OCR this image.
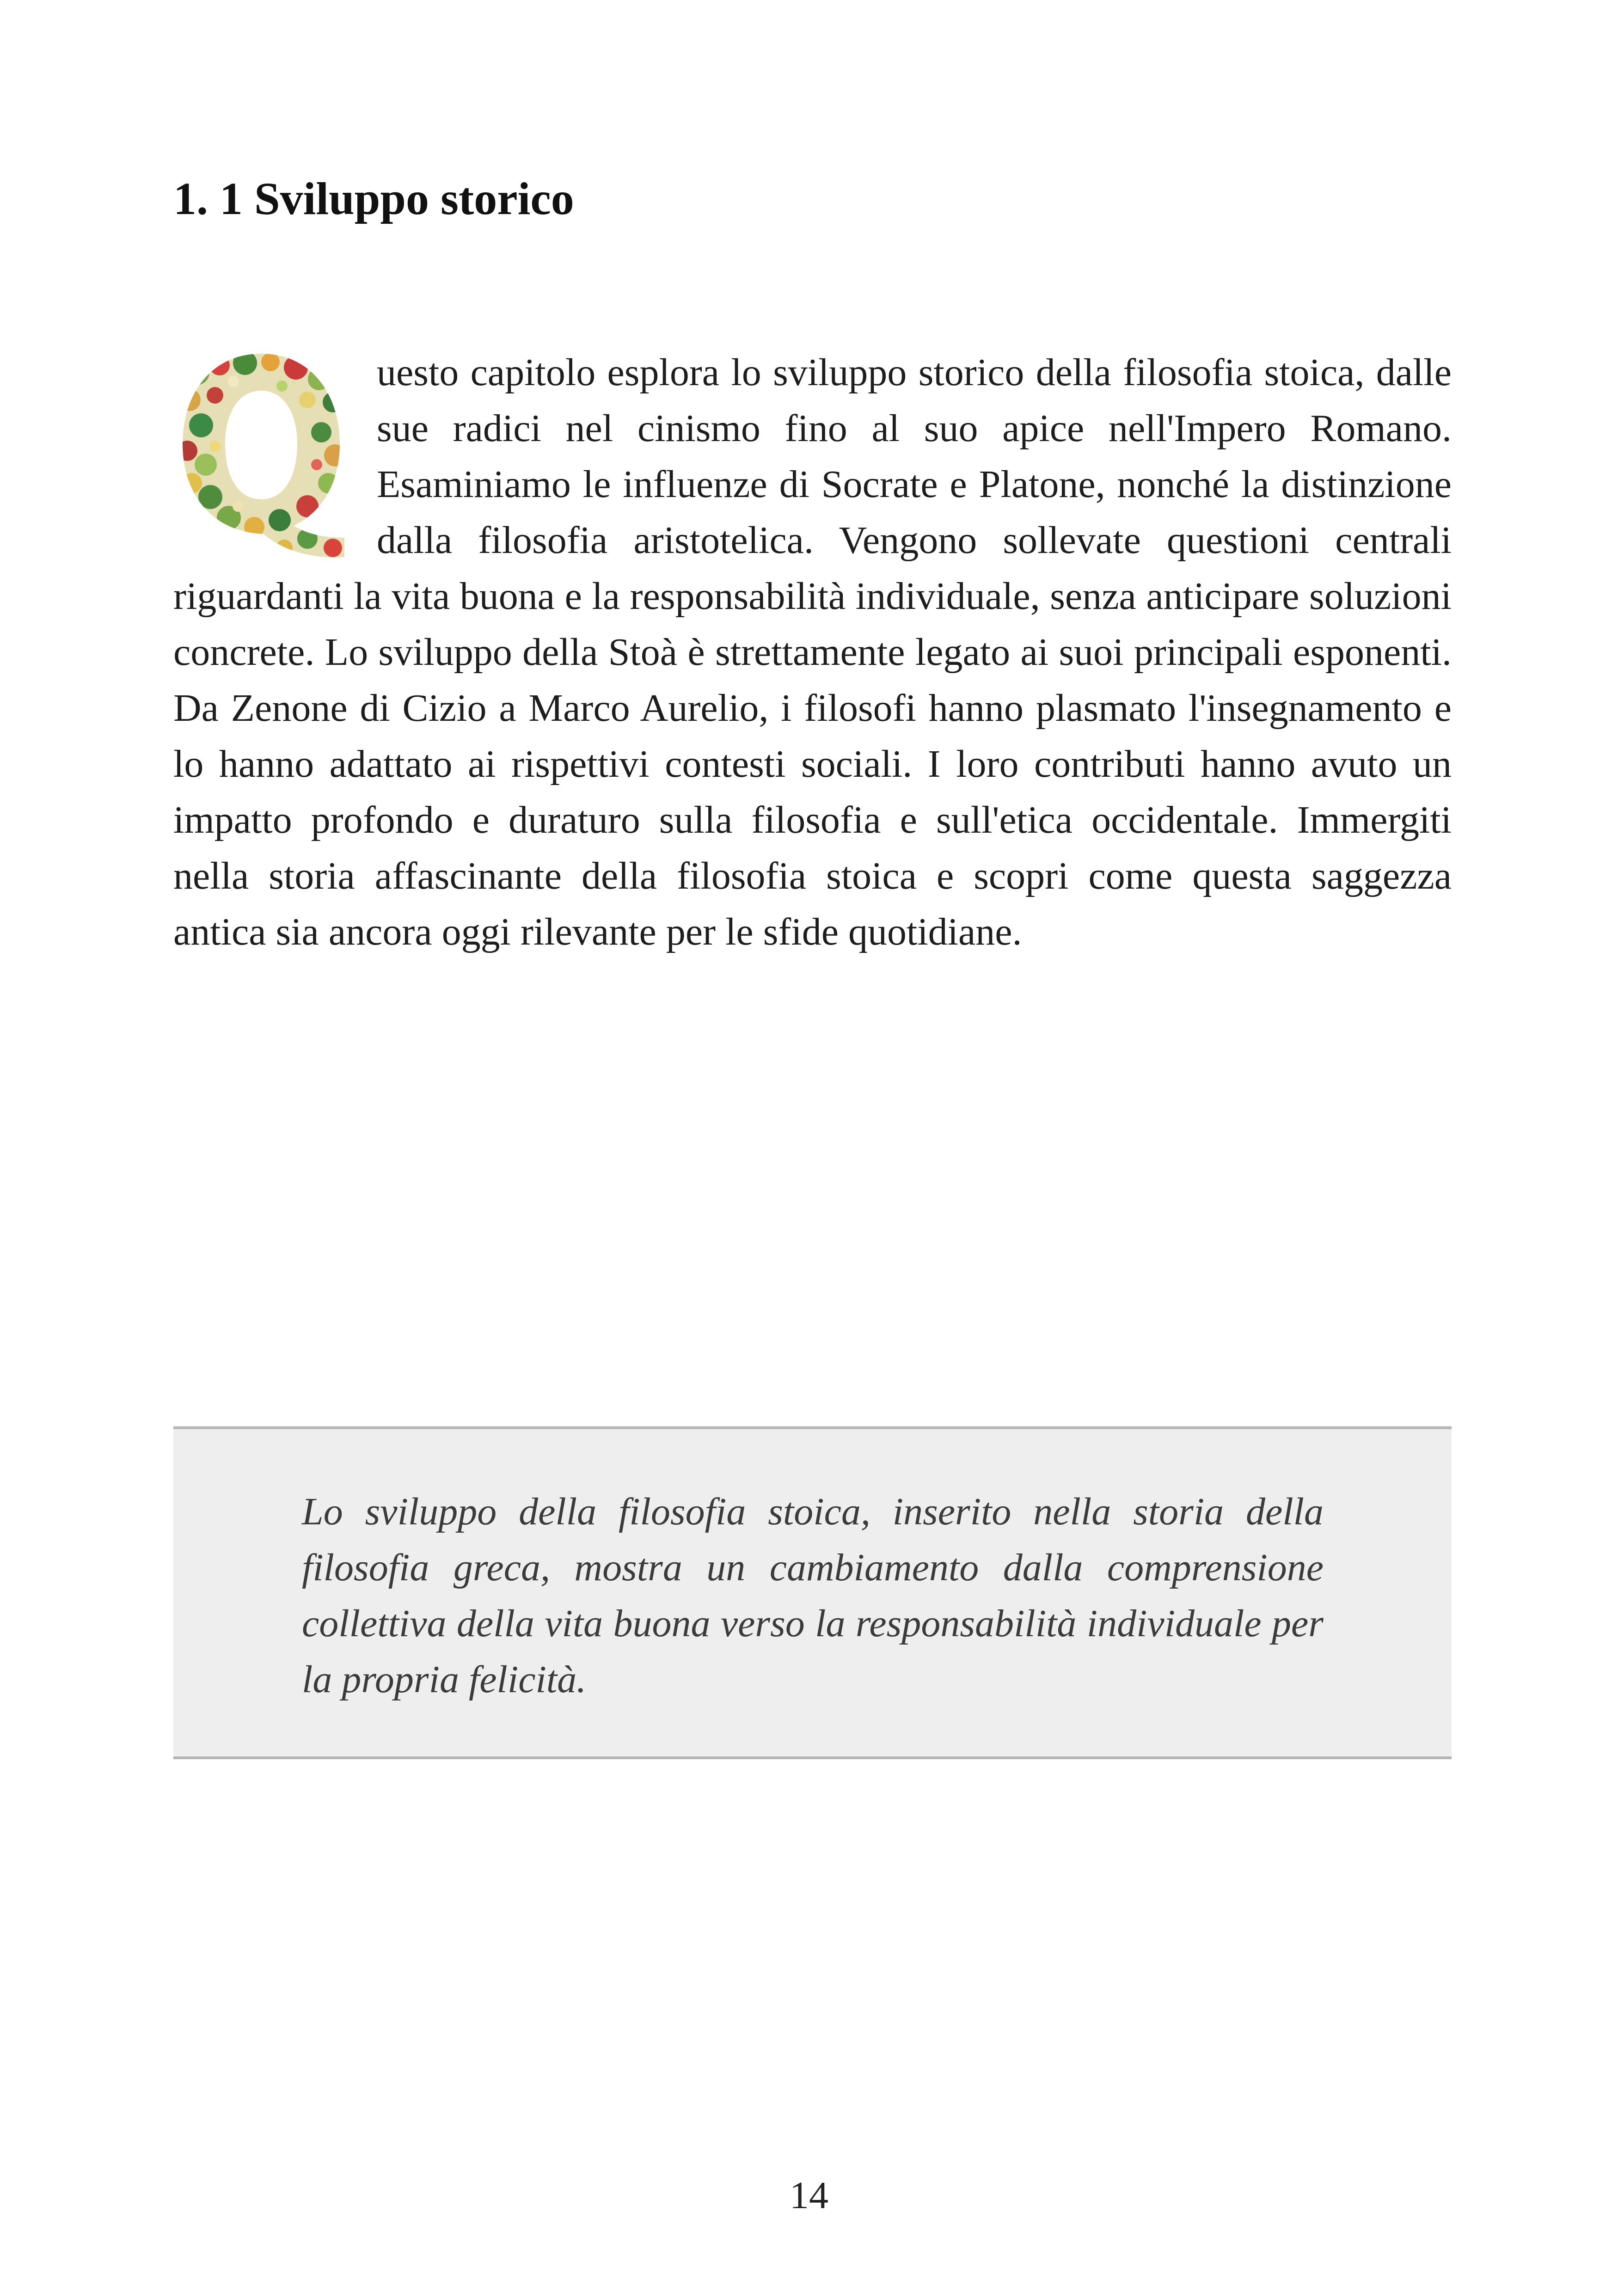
1. 1 Sviluppo storico

uesto capitolo esplora lo sviluppo storico della filosofia stoica, dalle sue radici nel cinismo fino al suo apice nell'Impero Romano. Esaminiamo le influenze di Socrate e Platone, nonché la distinzione dalla filosofia aristotelica. Vengono sollevate questioni centrali riguardanti la vita buona e la responsabilità individuale, senza anticipare soluzioni concrete. Lo sviluppo della Stoà è strettamente legato ai suoi principali esponenti. Da Zenone di Cizio a Marco Aurelio, i filosofi hanno plasmato l'insegnamento e lo hanno adattato ai rispettivi contesti sociali. I loro contributi hanno avuto un impatto profondo e duraturo sulla filosofia e sull'etica occidentale. Immergiti nella storia affascinante della filosofia stoica e scopri come questa saggezza antica sia ancora oggi rilevante per le sfide quotidiane.

Lo sviluppo della filosofia stoica, inserito nella storia della filosofia greca, mostra un cambiamento dalla comprensione collettiva della vita buona verso la responsabilità individuale per la propria felicità.

14
